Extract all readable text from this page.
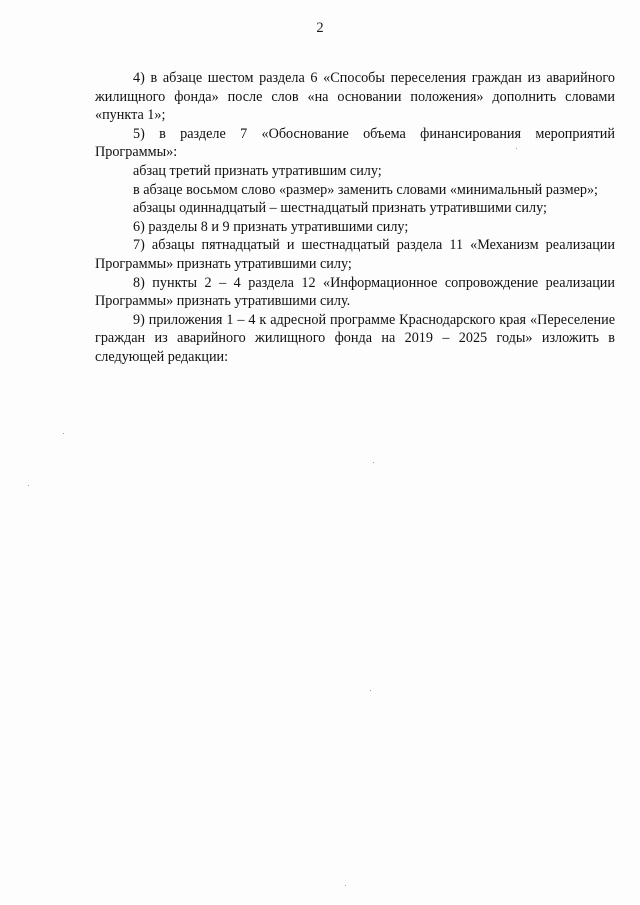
2

4) в абзаце шестом раздела 6 «Способы переселения граждан из аварийного жилищного фонда» после слов «на основании положения» дополнить словами «пункта 1»;

5) в разделе 7 «Обоснование объема финансирования мероприятий Программы»:

абзац третий признать утратившим силу;

в абзаце восьмом слово «размер» заменить словами «минимальный размер»;

абзацы одиннадцатый – шестнадцатый признать утратившими силу;

6) разделы 8 и 9 признать утратившими силу;

7) абзацы пятнадцатый и шестнадцатый раздела 11 «Механизм реализации Программы» признать утратившими силу;

8) пункты 2 – 4 раздела 12 «Информационное сопровождение реализации Программы» признать утратившими силу.

9) приложения 1 – 4 к адресной программе Краснодарского края «Переселение граждан из аварийного жилищного фонда на 2019 – 2025 годы» изложить в следующей редакции:
